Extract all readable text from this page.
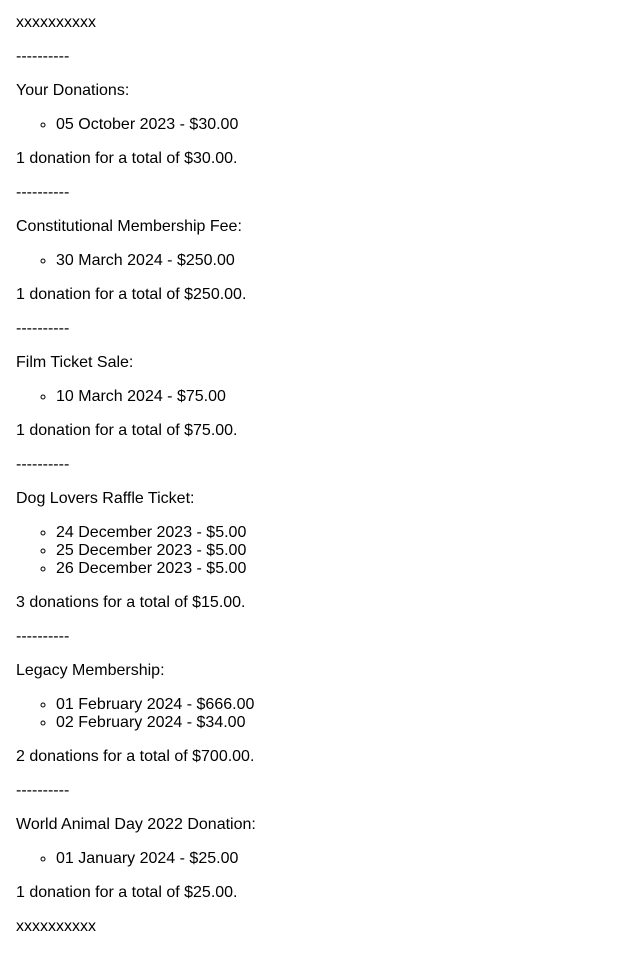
xxxxxxxxxx

----------

Your Donations:

◦ 05 October 2023 - $30.00

1 donation for a total of $30.00.

----------

Constitutional Membership Fee:

◦ 30 March 2024 - $250.00

1 donation for a total of $250.00.

----------

Film Ticket Sale:

◦ 10 March 2024 - $75.00

1 donation for a total of $75.00.

----------

Dog Lovers Raffle Ticket:

◦ 24 December 2023 - $5.00
◦ 25 December 2023 - $5.00
◦ 26 December 2023 - $5.00

3 donations for a total of $15.00.

----------

Legacy Membership:

◦ 01 February 2024 - $666.00
◦ 02 February 2024 - $34.00

2 donations for a total of $700.00.

----------

World Animal Day 2022 Donation:

◦ 01 January 2024 - $25.00

1 donation for a total of $25.00.

xxxxxxxxxx
